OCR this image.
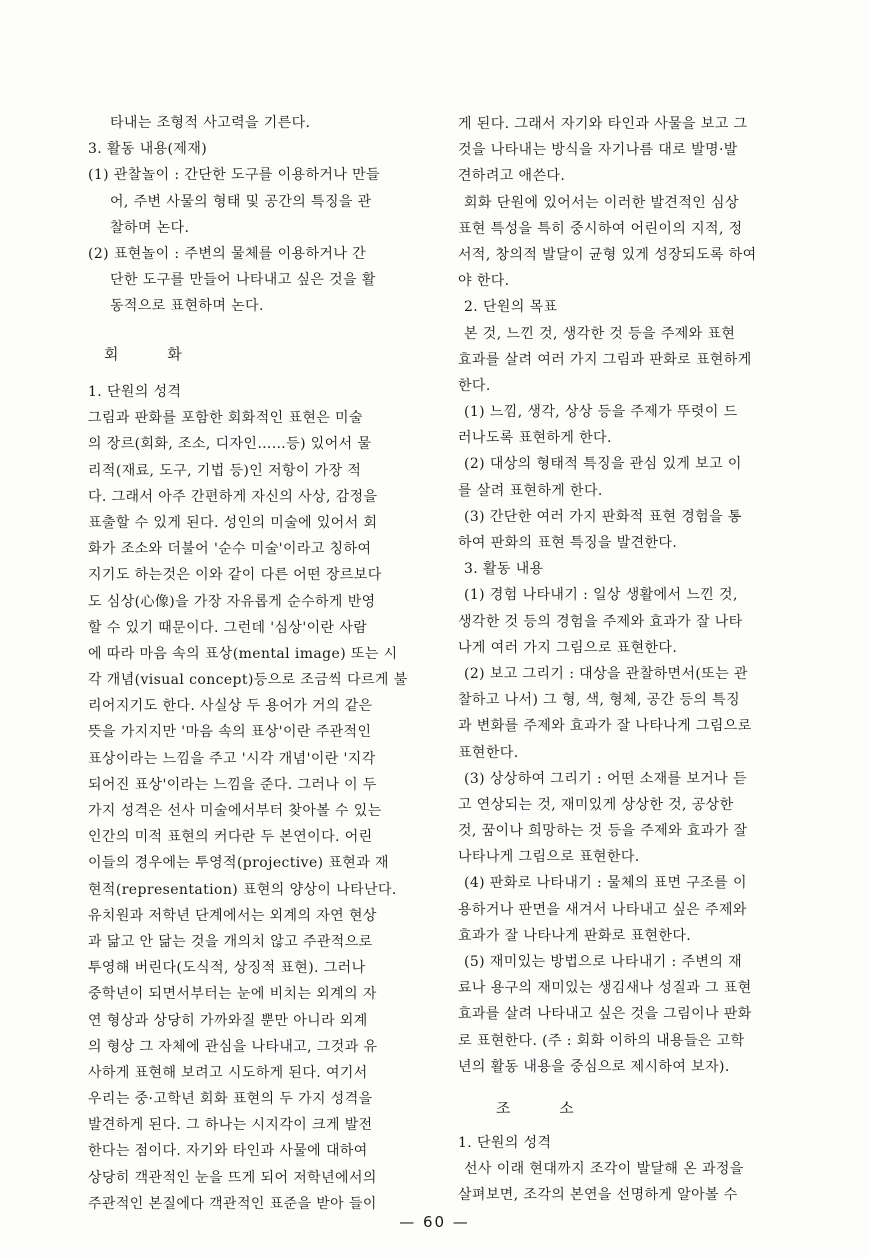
타내는 조형적 사고력을 기른다.
3. 활동 내용(제재)
(1) 관찰놀이 : 간단한 도구를 이용하거나 만들
어, 주변 사물의 형태 및 공간의 특징을 관
찰하며 논다.
(2) 표현놀이 : 주변의 물체를 이용하거나 간
단한 도구를 만들어 나타내고 싶은 것을 활
동적으로 표현하며 논다.
회 화
1. 단원의 성격
그림과 판화를 포함한 회화적인 표현은 미술
의 장르(회화, 조소, 디자인……등) 있어서 물
리적(재료, 도구, 기법 등)인 저항이 가장 적
다. 그래서 아주 간편하게 자신의 사상, 감정을
표출할 수 있게 된다. 성인의 미술에 있어서 회
화가 조소와 더불어 '순수 미술'이라고 칭하여
지기도 하는것은 이와 같이 다른 어떤 장르보다
도 심상(心像)을 가장 자유롭게 순수하게 반영
할 수 있기 때문이다. 그런데 '심상'이란 사람
에 따라 마음 속의 표상(mental image) 또는 시
각 개념(visual concept)등으로 조금씩 다르게 불
리어지기도 한다. 사실상 두 용어가 거의 같은
뜻을 가지지만 '마음 속의 표상'이란 주관적인
표상이라는 느낌을 주고 '시각 개념'이란 '지각
되어진 표상'이라는 느낌을 준다. 그러나 이 두
가지 성격은 선사 미술에서부터 찾아볼 수 있는
인간의 미적 표현의 커다란 두 본연이다. 어린
이들의 경우에는 투영적(projective) 표현과 재
현적(representation) 표현의 양상이 나타난다.
유치원과 저학년 단계에서는 외계의 자연 현상
과 닮고 안 닮는 것을 개의치 않고 주관적으로
투영해 버린다(도식적, 상징적 표현). 그러나
중학년이 되면서부터는 눈에 비치는 외계의 자
연 형상과 상당히 가까와질 뿐만 아니라 외계
의 형상 그 자체에 관심을 나타내고, 그것과 유
사하게 표현해 보려고 시도하게 된다. 여기서
우리는 중·고학년 회화 표현의 두 가지 성격을
발견하게 된다. 그 하나는 시지각이 크게 발전
한다는 점이다. 자기와 타인과 사물에 대하여
상당히 객관적인 눈을 뜨게 되어 저학년에서의
주관적인 본질에다 객관적인 표준을 받아 들이
게 된다. 그래서 자기와 타인과 사물을 보고 그
것을 나타내는 방식을 자기나름 대로 발명·발
견하려고 애쓴다.
회화 단원에 있어서는 이러한 발견적인 심상
표현 특성을 특히 중시하여 어린이의 지적, 정
서적, 창의적 발달이 균형 있게 성장되도록 하여
야 한다.
2. 단원의 목표
본 것, 느낀 것, 생각한 것 등을 주제와 표현
효과를 살려 여러 가지 그림과 판화로 표현하게
한다.
(1) 느낌, 생각, 상상 등을 주제가 뚜렷이 드
러나도록 표현하게 한다.
(2) 대상의 형태적 특징을 관심 있게 보고 이
를 살려 표현하게 한다.
(3) 간단한 여러 가지 판화적 표현 경험을 통
하여 판화의 표현 특징을 발견한다.
3. 활동 내용
(1) 경험 나타내기 : 일상 생활에서 느낀 것,
생각한 것 등의 경험을 주제와 효과가 잘 나타
나게 여러 가지 그림으로 표현한다.
(2) 보고 그리기 : 대상을 관찰하면서(또는 관
찰하고 나서) 그 형, 색, 형체, 공간 등의 특징
과 변화를 주제와 효과가 잘 나타나게 그림으로
표현한다.
(3) 상상하여 그리기 : 어떤 소재를 보거나 듣
고 연상되는 것, 재미있게 상상한 것, 공상한
것, 꿈이나 희망하는 것 등을 주제와 효과가 잘
나타나게 그림으로 표현한다.
(4) 판화로 나타내기 : 물체의 표면 구조를 이
용하거나 판면을 새겨서 나타내고 싶은 주제와
효과가 잘 나타나게 판화로 표현한다.
(5) 재미있는 방법으로 나타내기 : 주변의 재
료나 용구의 재미있는 생김새나 성질과 그 표현
효과를 살려 나타내고 싶은 것을 그림이나 판화
로 표현한다. (주 : 회화 이하의 내용들은 고학
년의 활동 내용을 중심으로 제시하여 보자).
조 소
1. 단원의 성격
선사 이래 현대까지 조각이 발달해 온 과정을
살펴보면, 조각의 본연을 선명하게 알아볼 수
— 60 —
